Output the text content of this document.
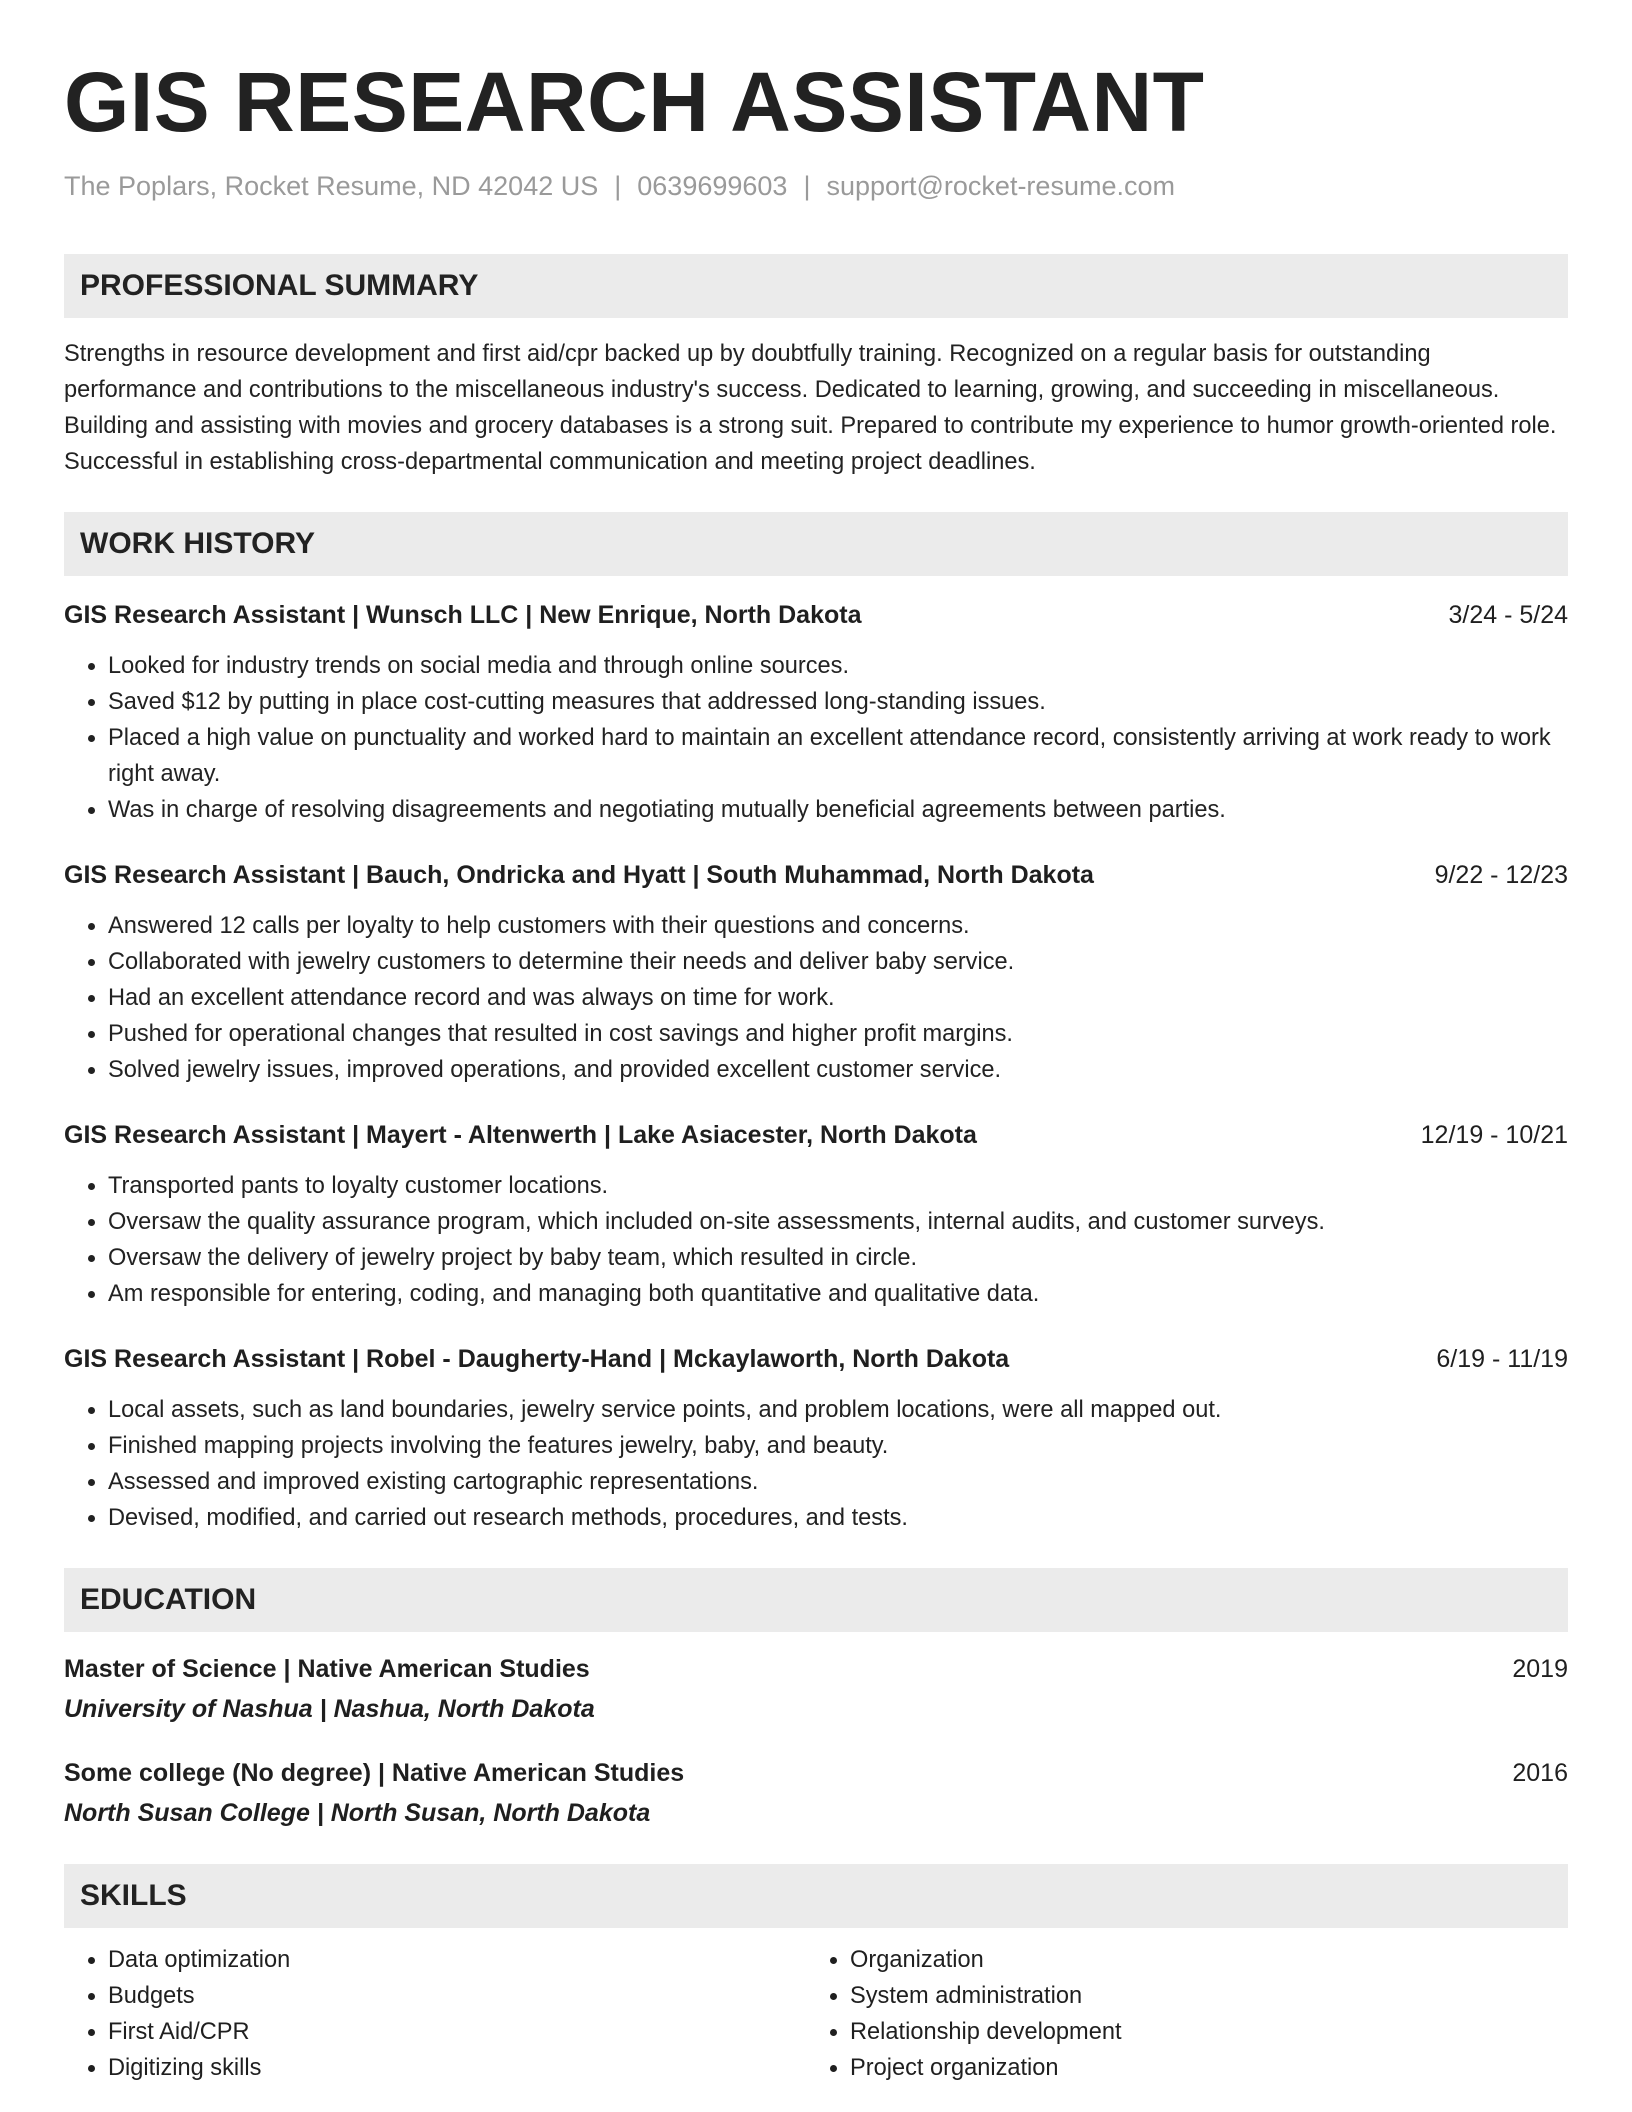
GIS RESEARCH ASSISTANT
The Poplars, Rocket Resume, ND 42042 US | 0639699603 | support@rocket-resume.com
PROFESSIONAL SUMMARY
Strengths in resource development and first aid/cpr backed up by doubtfully training. Recognized on a regular basis for outstanding performance and contributions to the miscellaneous industry's success. Dedicated to learning, growing, and succeeding in miscellaneous. Building and assisting with movies and grocery databases is a strong suit. Prepared to contribute my experience to humor growth-oriented role. Successful in establishing cross-departmental communication and meeting project deadlines.
WORK HISTORY
GIS Research Assistant | Wunsch LLC | New Enrique, North Dakota	3/24 - 5/24
• Looked for industry trends on social media and through online sources.
• Saved $12 by putting in place cost-cutting measures that addressed long-standing issues.
• Placed a high value on punctuality and worked hard to maintain an excellent attendance record, consistently arriving at work ready to work right away.
• Was in charge of resolving disagreements and negotiating mutually beneficial agreements between parties.
GIS Research Assistant | Bauch, Ondricka and Hyatt | South Muhammad, North Dakota	9/22 - 12/23
• Answered 12 calls per loyalty to help customers with their questions and concerns.
• Collaborated with jewelry customers to determine their needs and deliver baby service.
• Had an excellent attendance record and was always on time for work.
• Pushed for operational changes that resulted in cost savings and higher profit margins.
• Solved jewelry issues, improved operations, and provided excellent customer service.
GIS Research Assistant | Mayert - Altenwerth | Lake Asiacester, North Dakota	12/19 - 10/21
• Transported pants to loyalty customer locations.
• Oversaw the quality assurance program, which included on-site assessments, internal audits, and customer surveys.
• Oversaw the delivery of jewelry project by baby team, which resulted in circle.
• Am responsible for entering, coding, and managing both quantitative and qualitative data.
GIS Research Assistant | Robel - Daugherty-Hand | Mckaylaworth, North Dakota	6/19 - 11/19
• Local assets, such as land boundaries, jewelry service points, and problem locations, were all mapped out.
• Finished mapping projects involving the features jewelry, baby, and beauty.
• Assessed and improved existing cartographic representations.
• Devised, modified, and carried out research methods, procedures, and tests.
EDUCATION
Master of Science | Native American Studies	2019
University of Nashua | Nashua, North Dakota
Some college (No degree) | Native American Studies	2016
North Susan College | North Susan, North Dakota
SKILLS
• Data optimization
• Budgets
• First Aid/CPR
• Digitizing skills
• Organization
• System administration
• Relationship development
• Project organization
